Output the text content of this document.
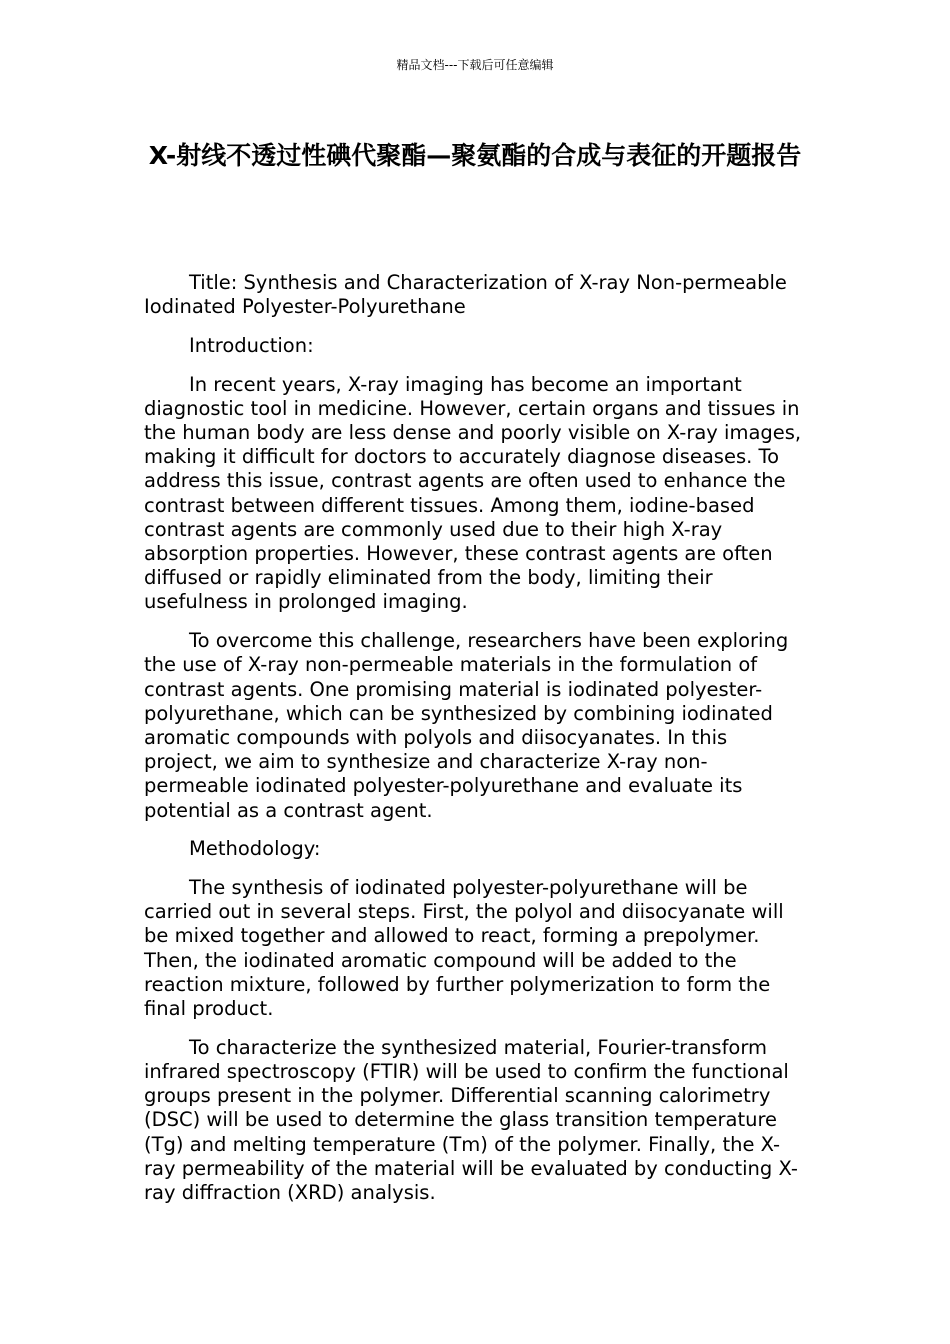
精品文档---下载后可任意编辑
X-射线不透过性碘代聚酯—聚氨酯的合成与表征的开题报告

Title: Synthesis and Characterization of X-ray Non-permeable Iodinated Polyester-Polyurethane

Introduction:

In recent years, X-ray imaging has become an important diagnostic tool in medicine. However, certain organs and tissues in the human body are less dense and poorly visible on X-ray images, making it difficult for doctors to accurately diagnose diseases. To address this issue, contrast agents are often used to enhance the contrast between different tissues. Among them, iodine-based contrast agents are commonly used due to their high X-ray absorption properties. However, these contrast agents are often diffused or rapidly eliminated from the body, limiting their usefulness in prolonged imaging.

To overcome this challenge, researchers have been exploring the use of X-ray non-permeable materials in the formulation of contrast agents. One promising material is iodinated polyester-polyurethane, which can be synthesized by combining iodinated aromatic compounds with polyols and diisocyanates. In this project, we aim to synthesize and characterize X-ray non-permeable iodinated polyester-polyurethane and evaluate its potential as a contrast agent.

Methodology:

The synthesis of iodinated polyester-polyurethane will be carried out in several steps. First, the polyol and diisocyanate will be mixed together and allowed to react, forming a prepolymer. Then, the iodinated aromatic compound will be added to the reaction mixture, followed by further polymerization to form the final product.

To characterize the synthesized material, Fourier-transform infrared spectroscopy (FTIR) will be used to confirm the functional groups present in the polymer. Differential scanning calorimetry (DSC) will be used to determine the glass transition temperature (Tg) and melting temperature (Tm) of the polymer. Finally, the X-ray permeability of the material will be evaluated by conducting X-ray diffraction (XRD) analysis.
